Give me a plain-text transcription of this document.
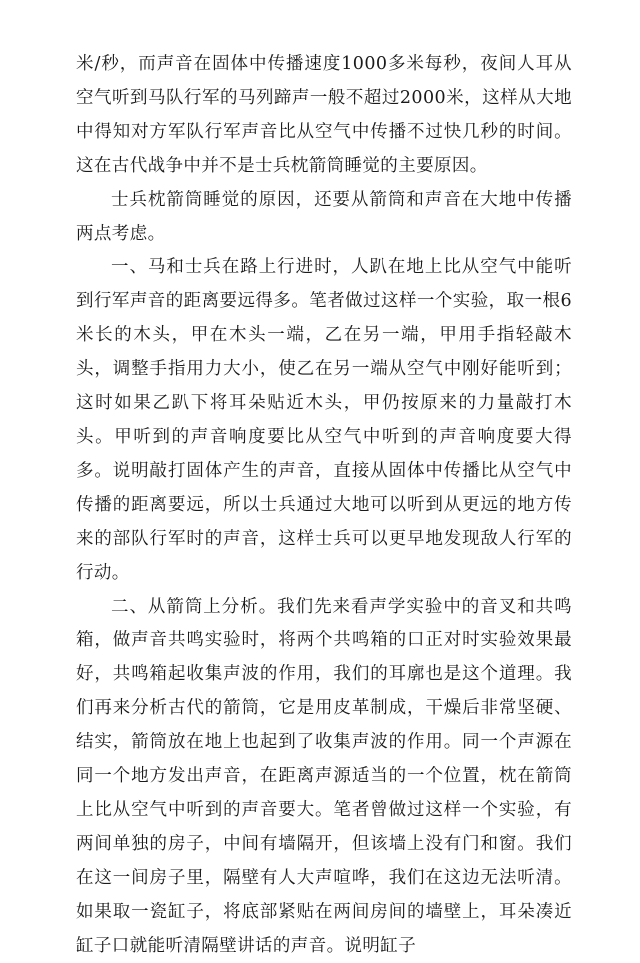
米/秒，而声音在固体中传播速度1000多米每秒，夜间人耳从空气听到马队行军的马列蹄声一般不超过2000米，这样从大地中得知对方军队行军声音比从空气中传播不过快几秒的时间。这在古代战争中并不是士兵枕箭筒睡觉的主要原因。

士兵枕箭筒睡觉的原因，还要从箭筒和声音在大地中传播两点考虑。

一、马和士兵在路上行进时，人趴在地上比从空气中能听到行军声音的距离要远得多。笔者做过这样一个实验，取一根6米长的木头，甲在木头一端，乙在另一端，甲用手指轻敲木头，调整手指用力大小，使乙在另一端从空气中刚好能听到；这时如果乙趴下将耳朵贴近木头，甲仍按原来的力量敲打木头。甲听到的声音响度要比从空气中听到的声音响度要大得多。说明敲打固体产生的声音，直接从固体中传播比从空气中传播的距离要远，所以士兵通过大地可以听到从更远的地方传来的部队行军时的声音，这样士兵可以更早地发现敌人行军的行动。

二、从箭筒上分析。我们先来看声学实验中的音叉和共鸣箱，做声音共鸣实验时，将两个共鸣箱的口正对时实验效果最好，共鸣箱起收集声波的作用，我们的耳廓也是这个道理。我们再来分析古代的箭筒，它是用皮革制成，干燥后非常坚硬、结实，箭筒放在地上也起到了收集声波的作用。同一个声源在同一个地方发出声音，在距离声源适当的一个位置，枕在箭筒上比从空气中听到的声音要大。笔者曾做过这样一个实验，有两间单独的房子，中间有墙隔开，但该墙上没有门和窗。我们在这一间房子里，隔壁有人大声喧哗，我们在这边无法听清。如果取一瓷缸子，将底部紧贴在两间房间的墙壁上，耳朵凑近缸子口就能听清隔壁讲话的声音。说明缸子
